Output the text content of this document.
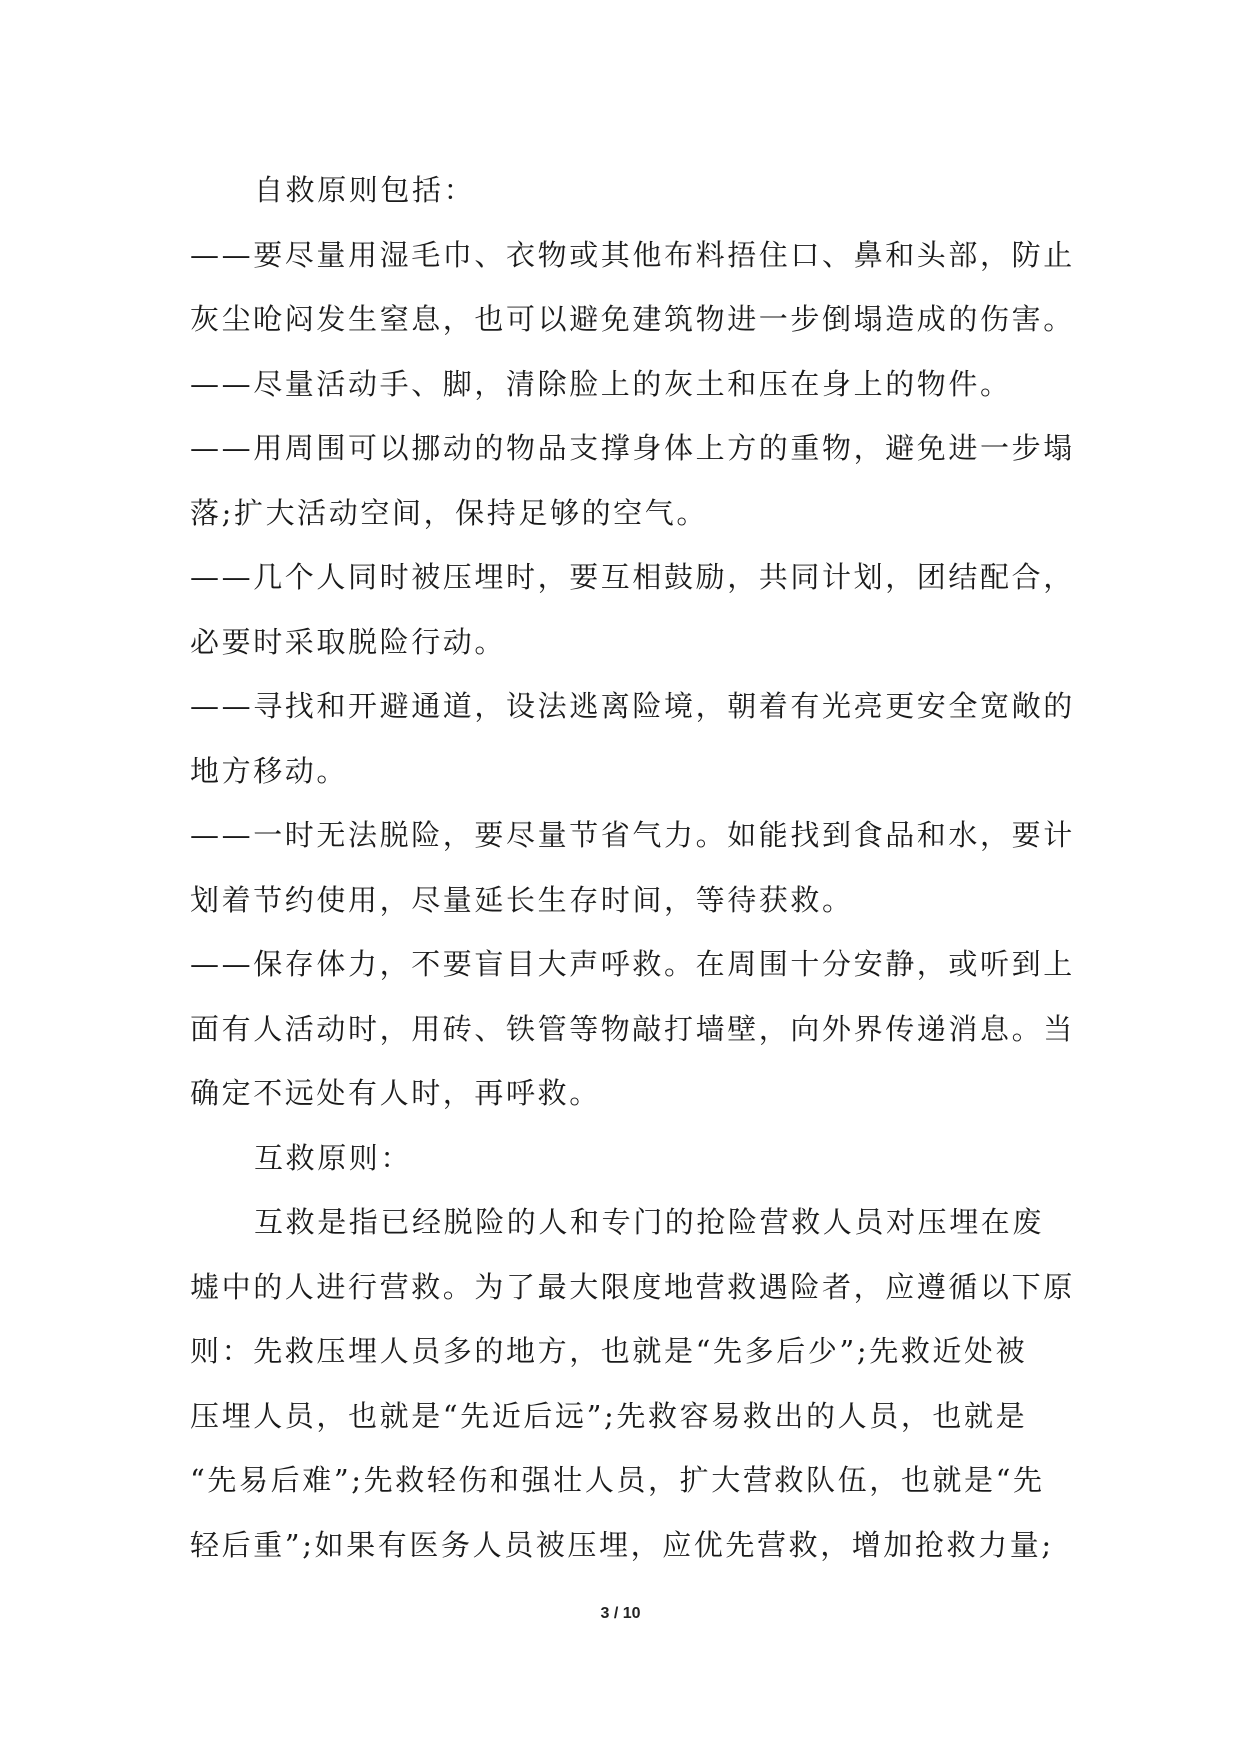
自救原则包括：
——要尽量用湿毛巾、衣物或其他布料捂住口、鼻和头部，防止
灰尘呛闷发生窒息，也可以避免建筑物进一步倒塌造成的伤害。
——尽量活动手、脚，清除脸上的灰土和压在身上的物件。
——用周围可以挪动的物品支撑身体上方的重物，避免进一步塌
落;扩大活动空间，保持足够的空气。
——几个人同时被压埋时，要互相鼓励，共同计划，团结配合，
必要时采取脱险行动。
——寻找和开避通道，设法逃离险境，朝着有光亮更安全宽敞的
地方移动。
——一时无法脱险，要尽量节省气力。如能找到食品和水，要计
划着节约使用，尽量延长生存时间，等待获救。
——保存体力，不要盲目大声呼救。在周围十分安静，或听到上
面有人活动时，用砖、铁管等物敲打墙壁，向外界传递消息。当
确定不远处有人时，再呼救。
互救原则：
互救是指已经脱险的人和专门的抢险营救人员对压埋在废
墟中的人进行营救。为了最大限度地营救遇险者，应遵循以下原
则：先救压埋人员多的地方，也就是“先多后少”;先救近处被
压埋人员，也就是“先近后远”;先救容易救出的人员，也就是
“先易后难”;先救轻伤和强壮人员，扩大营救队伍，也就是“先
轻后重”;如果有医务人员被压埋，应优先营救，增加抢救力量;
3 / 10
